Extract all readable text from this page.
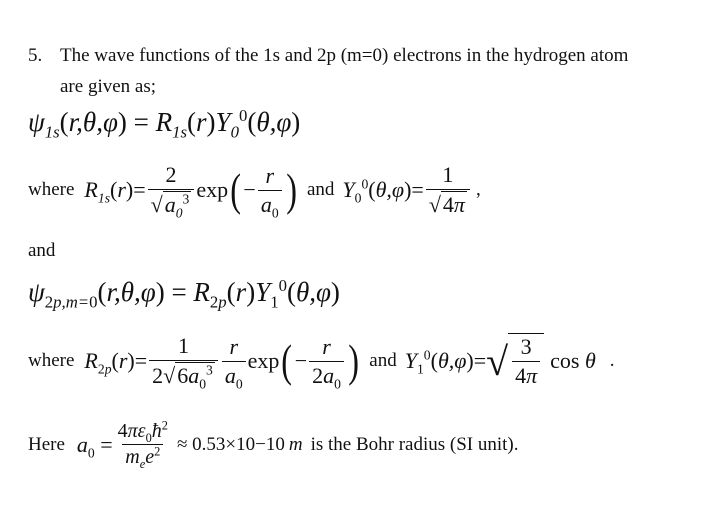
5. The wave functions of the 1s and 2p (m=0) electrons in the hydrogen atom
are given as;
$\psi_{1s}$ ( r,θ,φ ) = $R_{1s}$ ( r ) $Y_0^0$ ( θ,φ )
where $R_{1s}(r)= \frac{2}{√ a_0^3}$ exp ( − $\frac{r}{a_0}$ ) and $Y_0^0(\theta,\varphi)= \frac{1}{√ 4\pi}$ ,
and
$\psi_{2p,m=0}$ ( r,θ,φ ) = $R_{2p}$ ( r ) $Y_1^0$ ( θ,φ )
where $R_{2p}(r)= \frac{1}{2 √ 6a_0^3} \frac{r}{a_0}$ exp ( − $\frac{r}{2a_0}$ ) and $Y_1^0(\theta,\varphi)=$ √ $\frac{3}{4\pi}$ cos θ .
Here $a_0 = \frac{4\pi\varepsilon_0ħ^2}{m_ee^2} \approx 0.53\times 10 -10$ m is the Bohr radius (SI unit).
